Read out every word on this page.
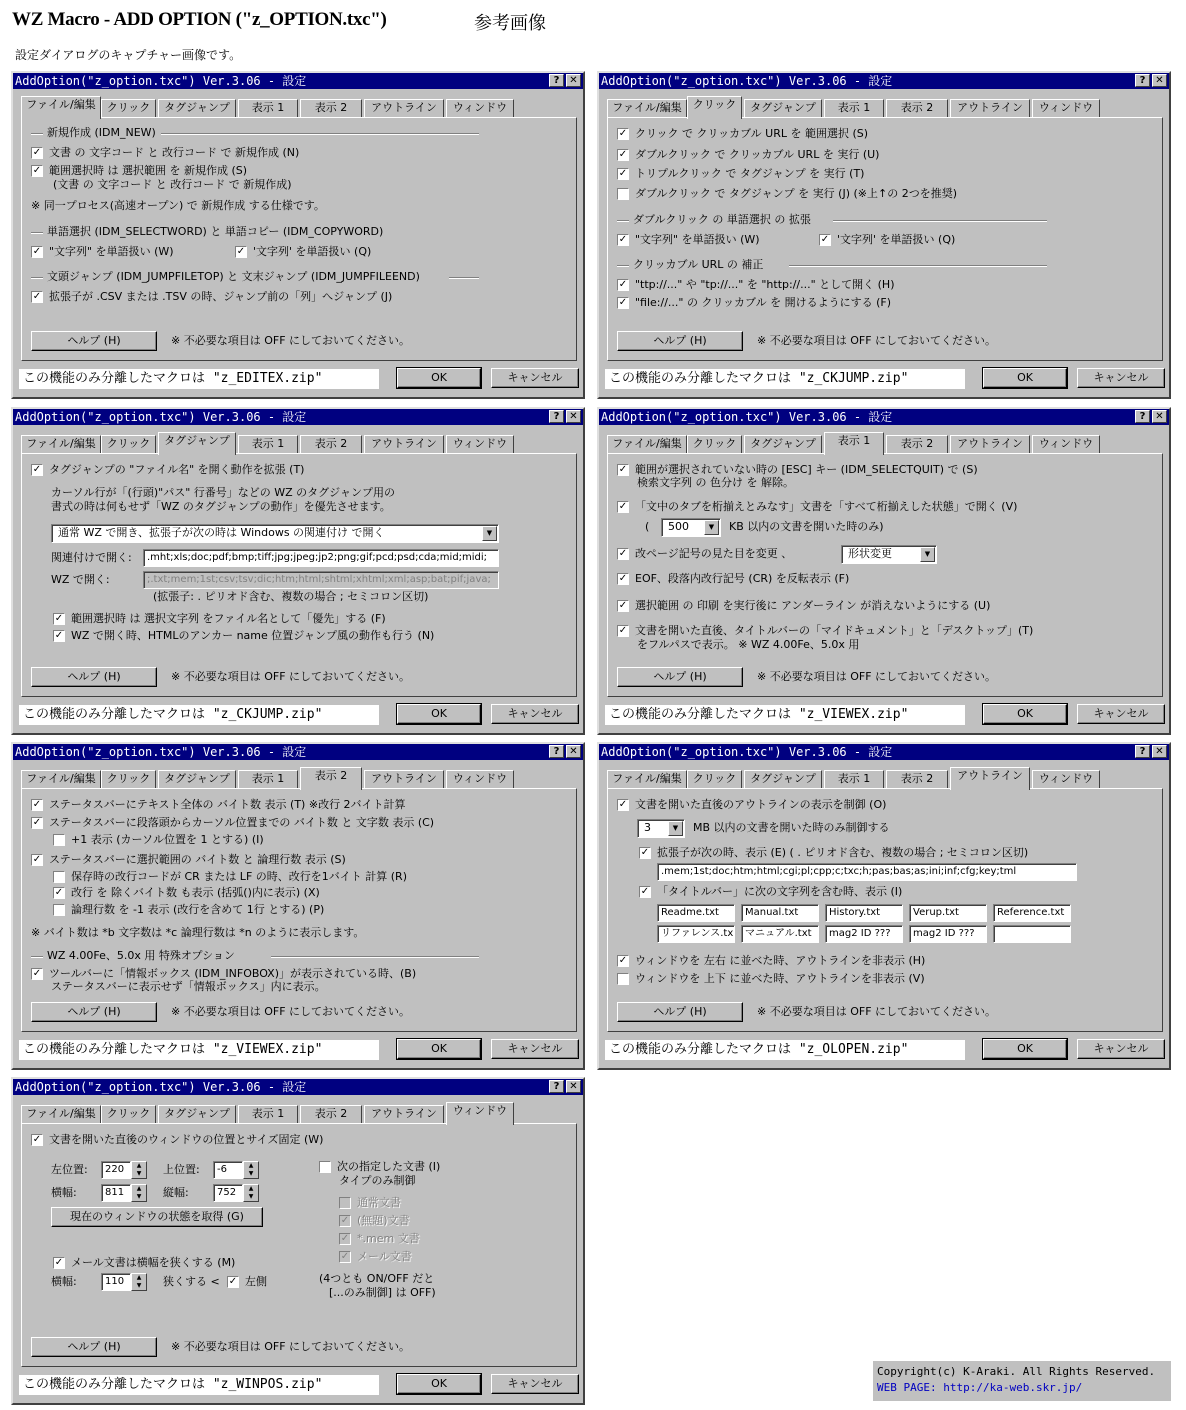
WZ Macro - ADD OPTION ("z_OPTION.txc")	参考画像
設定ダイアログのキャプチャー画像です。
AddOption("z_option.txc") Ver.3.06 - 設定	? ✕
ファイル/編集 クリック	タグジャンプ	表示 1	表示 2	アウトライン	ウィンドウ
新規作成 (IDM_NEW)
✓ 文書 の 文字コード と 改行コード で 新規作成 (N)
✓ 範囲選択時 は 選択範囲 を 新規作成 (S)
(文書 の 文字コード と 改行コード で 新規作成)
※ 同一プロセス(高速オープン) で 新規作成 する仕様です。
単語選択 (IDM_SELECTWORD) と 単語コピー (IDM_COPYWORD)
✓ "文字列" を単語扱い (W)	✓ '文字列' を単語扱い (Q)
文頭ジャンプ (IDM_JUMPFILETOP) と 文末ジャンプ (IDM_JUMPFILEEND)
✓ 拡張子が .CSV または .TSV の時、ジャンプ前の「列」へジャンプ (J)
ヘルプ (H)	※ 不必要な項目は OFF にしておいてください。
この機能のみ分離したマクロは "z_EDITEX.zip"	OK	キャンセル
AddOption("z_option.txc") Ver.3.06 - 設定	? ✕
ファイル/編集 クリック	タグジャンプ	表示 1	表示 2	アウトライン	ウィンドウ
✓ クリック で クリッカブル URL を 範囲選択 (S)
✓ ダブルクリック で クリッカブル URL を 実行 (U)
✓ トリプルクリック で タグジャンプ を 実行 (T)
ダブルクリック で タグジャンプ を 実行 (J) (※上↑の 2つを推奨)
ダブルクリック の 単語選択 の 拡張
✓ "文字列" を単語扱い (W)	✓ '文字列' を単語扱い (Q)
クリッカブル URL の 補正
✓ "ttp://..." や "tp://..." を "http://..." として開く (H)
✓ "file://..." の クリッカブル を 開けるようにする (F)
ヘルプ (H)	※ 不必要な項目は OFF にしておいてください。
この機能のみ分離したマクロは "z_CKJUMP.zip"	OK	キャンセル
AddOption("z_option.txc") Ver.3.06 - 設定	? ✕
ファイル/編集 クリック	タグジャンプ	表示 1	表示 2	アウトライン	ウィンドウ
✓ タグジャンプの "ファイル名" を開く動作を拡張 (T)
カーソル行が「(行頭)"パス" 行番号」などの WZ のタグジャンプ用の
書式の時は何もせず「WZ のタグジャンプの動作」を優先させます。
通常 WZ で開き、拡張子が次の時は Windows の関連付け で開く	▼
関連付けで開く:	.mht;xls;doc;pdf;bmp;tiff;jpg;jpeg;jp2;png;gif;pcd;psd;cda;mid;midi;
WZ で開く:	;.txt;mem;1st;csv;tsv;dic;htm;html;shtml;xhtml;xml;asp;bat;pif;java;
(拡張子: . ピリオド含む、複数の場合 ; セミコロン区切)
✓ 範囲選択時 は 選択文字列 をファイル名として「優先」する (F)
✓ WZ で開く時、HTMLのアンカー name 位置ジャンプ風の動作も行う (N)
ヘルプ (H)	※ 不必要な項目は OFF にしておいてください。
この機能のみ分離したマクロは "z_CKJUMP.zip"	OK	キャンセル
AddOption("z_option.txc") Ver.3.06 - 設定	? ✕
ファイル/編集 クリック	タグジャンプ	表示 1	表示 2	アウトライン	ウィンドウ
✓ 範囲が選択されていない時の [ESC] キー (IDM_SELECTQUIT) で (S)
検索文字列 の 色分け を 解除。
✓ 「文中のタブを桁揃えとみなす」文書を「すべて桁揃えした状態」で開く (V)
(	500	▼	KB 以内の文書を開いた時のみ)
✓ 改ページ記号の見た目を変更 、	形状変更	▼
✓ EOF、段落内改行記号 (CR) を反転表示 (F)
✓ 選択範囲 の 印刷 を実行後に アンダーライン が消えないようにする (U)
✓ 文書を開いた直後、タイトルバーの「マイドキュメント」と「デスクトップ」(T)
をフルパスで表示。 ※ WZ 4.00Fe、5.0x 用
ヘルプ (H)	※ 不必要な項目は OFF にしておいてください。
この機能のみ分離したマクロは "z_VIEWEX.zip"	OK	キャンセル
AddOption("z_option.txc") Ver.3.06 - 設定	? ✕
ファイル/編集 クリック	タグジャンプ	表示 1	表示 2	アウトライン	ウィンドウ
✓ ステータスバーにテキスト全体の バイト数 表示 (T) ※改行 2バイト計算
✓ ステータスバーに段落頭からカーソル位置までの バイト数 と 文字数 表示 (C)
+1 表示 (カーソル位置を 1 とする) (I)
✓ ステータスバーに選択範囲の バイト数 と 論理行数 表示 (S)
保存時の改行コードが CR または LF の時、改行を1バイト 計算 (R)
✓ 改行 を 除くバイト数 も表示 (括弧()内に表示) (X)
論理行数 を -1 表示 (改行を含めて 1行 とする) (P)
※ バイト数は *b 文字数は *c 論理行数は *n のように表示します。
WZ 4.00Fe、5.0x 用 特殊オプション
✓ ツールバーに「情報ボックス (IDM_INFOBOX)」が表示されている時、(B)
ステータスバーに表示せず「情報ボックス」内に表示。
ヘルプ (H)	※ 不必要な項目は OFF にしておいてください。
この機能のみ分離したマクロは "z_VIEWEX.zip"	OK	キャンセル
AddOption("z_option.txc") Ver.3.06 - 設定	? ✕
ファイル/編集 クリック	タグジャンプ	表示 1	表示 2	アウトライン	ウィンドウ
✓ 文書を開いた直後のアウトラインの表示を制御 (O)
3	▼	MB 以内の文書を開いた時のみ制御する
✓ 拡張子が次の時、表示 (E) ( . ピリオド含む、複数の場合 ; セミコロン区切)
.mem;1st;doc;htm;html;cgi;pl;cpp;c;txc;h;pas;bas;as;ini;inf;cfg;key;tml
✓ 「タイトルバー」に次の文字列を含む時、表示 (I)
Readme.txt	Manual.txt	History.txt	Verup.txt	Reference.txt
リファレンス.tx	マニュアル.txt	mag2 ID ???	mag2 ID ???
✓ ウィンドウを 左右 に並べた時、アウトラインを非表示 (H)
ウィンドウを 上下 に並べた時、アウトラインを非表示 (V)
ヘルプ (H)	※ 不必要な項目は OFF にしておいてください。
この機能のみ分離したマクロは "z_OLOPEN.zip"	OK	キャンセル
AddOption("z_option.txc") Ver.3.06 - 設定	? ✕
ファイル/編集 クリック	タグジャンプ	表示 1	表示 2	アウトライン	ウィンドウ
✓ 文書を開いた直後のウィンドウの位置とサイズ固定 (W)
左位置:	220	▲
▼	上位置:	-6	▲
▼
横幅:	811	▲
▼	縦幅:	752	▲
▼
現在のウィンドウの状態を取得 (G)
次の指定した文書 (I)
タイプのみ制御
通常文書
✓ (無題)文書
✓ *.mem 文書
✓ メール文書
✓ メール文書は横幅を狭くする (M)
横幅:	110	▲
▼	狭くする < ✓ 左側	(4つとも ON/OFF だと
[...のみ制御] は OFF)
ヘルプ (H)	※ 不必要な項目は OFF にしておいてください。
この機能のみ分離したマクロは "z_WINPOS.zip"	OK	キャンセル
Copyright(c) K-Araki. All Rights Reserved.
WEB PAGE: http://ka-web.skr.jp/
